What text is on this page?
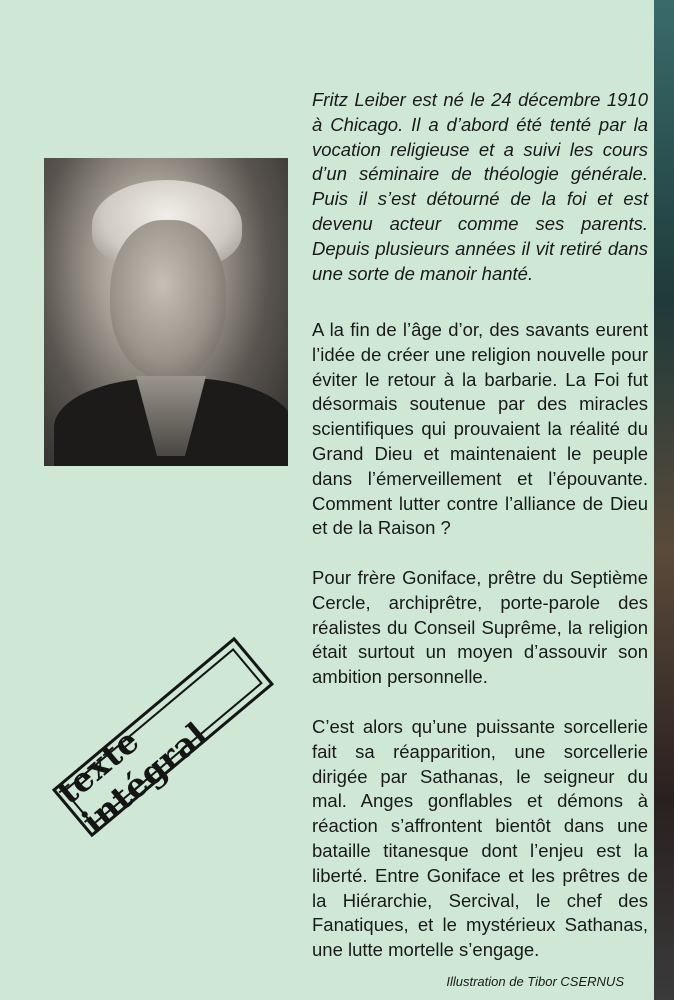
Fritz Leiber est né le 24 décembre 1910 à Chicago. Il a d’abord été tenté par la vocation religieuse et a suivi les cours d’un séminaire de théologie générale. Puis il s’est détourné de la foi et est devenu acteur comme ses parents. Depuis plusieurs années il vit retiré dans une sorte de manoir hanté.

A la fin de l’âge d’or, des savants eurent l’idée de créer une religion nouvelle pour éviter le retour à la barbarie. La Foi fut désormais soutenue par des miracles scientifiques qui prouvaient la réalité du Grand Dieu et maintenaient le peuple dans l’émerveillement et l’épouvante. Comment lutter contre l’alliance de Dieu et de la Raison ?

Pour frère Goniface, prêtre du Septième Cercle, archiprêtre, porte-parole des réalistes du Conseil Suprême, la religion était surtout un moyen d’assouvir son ambition personnelle.

C’est alors qu’une puissante sorcellerie fait sa réapparition, une sorcellerie dirigée par Sathanas, le seigneur du mal. Anges gonflables et démons à réaction s’affrontent bientôt dans une bataille titanesque dont l’enjeu est la liberté. Entre Goniface et les prêtres de la Hiérarchie, Sercival, le chef des Fanatiques, et le mystérieux Sathanas, une lutte mortelle s’engage.

texte intégral
Illustration de Tibor CSERNUS
